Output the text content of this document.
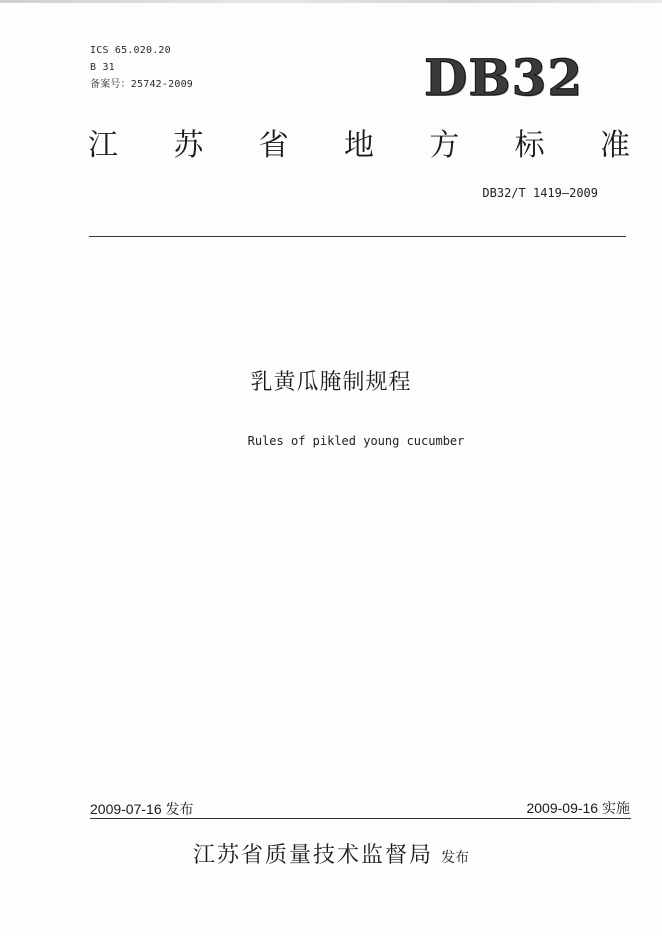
ICS 65.020.20
B 31
备案号：25742-2009	DB32
江 苏 省 地 方 标 准
DB32/T 1419—2009
乳黄瓜腌制规程
Rules of pikled young cucumber
2009-07-16 发布	2009-09-16 实施
江苏省质量技术监督局 发布
